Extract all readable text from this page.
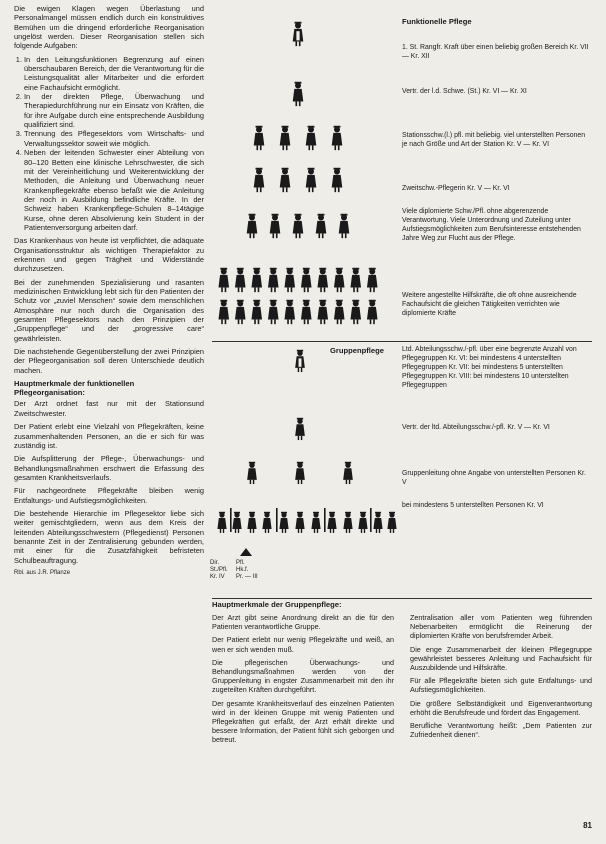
Die ewigen Klagen wegen Überlastung und Personalmangel müssen endlich durch ein konstruktives Bemühen um die dringend erforderliche Reorganisation ungelöst werden. Dieser Reorganisation stellen sich folgende Aufgaben:

1. In den Leitungsfunktionen Begrenzung auf einen überschaubaren Bereich, der die Verantwortung für die Leistungsqualität aller Mitarbeiter und die erfordert eine Fachaufsicht ermöglicht.
2. In der direkten Pflege, Überwachung und Therapiedurchführung nur ein Einsatz von Kräften, die für ihre Aufgabe durch eine entsprechende Ausbildung qualifiziert sind.
3. Trennung des Pflegesektors vom Wirtschafts- und Verwaltungssektor soweit wie möglich.
4. Neben der leitenden Schwester einer Abteilung von 80–120 Betten eine klinische Lehrschwester, die sich mit der Vereinheitlichung und Weiterentwicklung der Methoden, die Anleitung und Überwachung neuer Krankenpflegekräfte ebenso befaßt wie die Anleitung der noch in Ausbildung befindliche Kräfte. In der Schweiz haben Krankenpflege-Schulen 8–14tägige Kurse, ohne deren Absolvierung kein Student in der Patientenversorgung arbeiten darf.

Das Krankenhaus von heute ist verpflichtet, die adäquate Organisationsstruktur als wichtigen Therapiefaktor zu erkennen und gegen Trägheit und Widerstände durchzusetzen.

Bei der zunehmenden Spezialisierung und rasanten medizinischen Entwicklung lebt sich für den Patienten der Schutz vor „zuviel Menschen“ sowie dem menschlichen Atmosphäre nur noch durch die Organisation des gesamten Pflegesektors nach den Prinzipien der „Gruppenpflege“ und der „progressive care“ gewährleisten.

Die nachstehende Gegenüberstellung der zwei Prinzipien der Pflegeorganisation soll deren Unterschiede deutlich machen.

Hauptmerkmale der funktionellen Pflegeorganisation:

Der Arzt ordnet fast nur mit der Stationsund Zweitschwester.

Der Patient erlebt eine Vielzahl von Pflegekräften, keine zusammenhaltenden Personen, an die er sich für was zuständig ist.

Die Aufsplitterung der Pflege-, Überwachungs- und Behandlungsmaßnahmen erschwert die Erfassung des gesamten Krankheitsverlaufs.

Für nachgeordnete Pflegekräfte bleiben wenig Entfaltungs- und Aufstiegsmöglichkeiten.

Die bestehende Hierarchie im Pflegesektor liebe sich weiter gemischtgliedern, wenn aus dem Kreis der leitenden Abteilungsschwestern (Pflegedienst) Personen benannte Zeit in der Zentralisierung gebunden werden, mit einer für die Zusatzfähigkeit befristeten Schulbeauftragung.

Rbl. aus J.R. Pflanze

Funktionelle Pflege
1. St. Rangfr. Kraft über einen beliebig großen Bereich Kr. VII — Kr. XII
Vertr. der l.d. Schwe. (St.) Kr. VI — Kr. XI
Stationsschw.(l.) pfl. mit beliebig. viel unterstellten Personen je nach Größe und Art der Station Kr. V — Kr. VI
Zweitschw.-Pflegerin Kr. V — Kr. VI
Viele diplomierte Schw./Pfl. ohne abgerenzende Verantwortung. Viele Unterordnung und Zuteilung unter Aufstiegsmöglichkeiten zum Berufsinteresse entstehenden Jahre Weg zur Flucht aus der Pflege.
Weitere angestellte Hilfskräfte, die oft ohne ausreichende Fachaufsicht die gleichen Tätigkeiten verrichten wie diplomierte Kräfte
Gruppenpflege	Ltd. Abteilungsschw./-pfl. über eine begrenzte Anzahl von Pflegegruppen Kr. VI: bei mindestens 4 unterstellten Pflegegruppen Kr. VII: bei mindestens 5 unterstellten Pflegegruppen Kr. VIII: bei mindestens 10 unterstellten Pflegegruppen
Vertr. der ltd. Abteilungsschw./-pfl. Kr. V — Kr. VI
Gruppenleitung ohne Angabe von unterstellten Personen Kr. V
bei mindestens 5 unterstellten Personen Kr. VI
Dir.	Pfl.
St./Pfl.	Hk.f.
Kr. IV	Pr. — III
Hauptmerkmale der Gruppenpflege:

Der Arzt gibt seine Anordnung direkt an die für den Patienten verantwortliche Gruppe.

Der Patient erlebt nur wenig Pflegekräfte und weiß, an wen er sich wenden muß.

Die pflegerischen Überwachungs- und Behandlungsmaßnahmen werden von der Gruppenleitung in engster Zusammenarbeit mit den ihr zugeteilten Kräften durchgeführt.

Der gesamte Krankheitsverlauf des einzelnen Patienten wird in der kleinen Gruppe mit wenig Patienten und Pflegekräften gut erfaßt, der Arzt erhält direkte und bessere Information, der Patient fühlt sich geborgen und betreut.

Zentralisation aller vom Patienten weg führenden Nebenarbeiten ermöglicht die Reinerung der diplomierten Kräfte von berufsfremder Arbeit.

Die enge Zusammenarbeit der kleinen Pflegegruppe gewährleistet besseres Anleitung und Fachaufsicht für Auszubildende und Hilfskräfte.

Für alle Pflegekräfte bieten sich gute Entfaltungs- und Aufstiegsmöglichkeiten.

Die größere Selbständigkeit und Eigenverantwortung erhöht die Berufsfreude und fördert das Engagement.

Berufliche Verantwortung heißt: „Dem Patienten zur Zufriedenheit dienen“.

81
